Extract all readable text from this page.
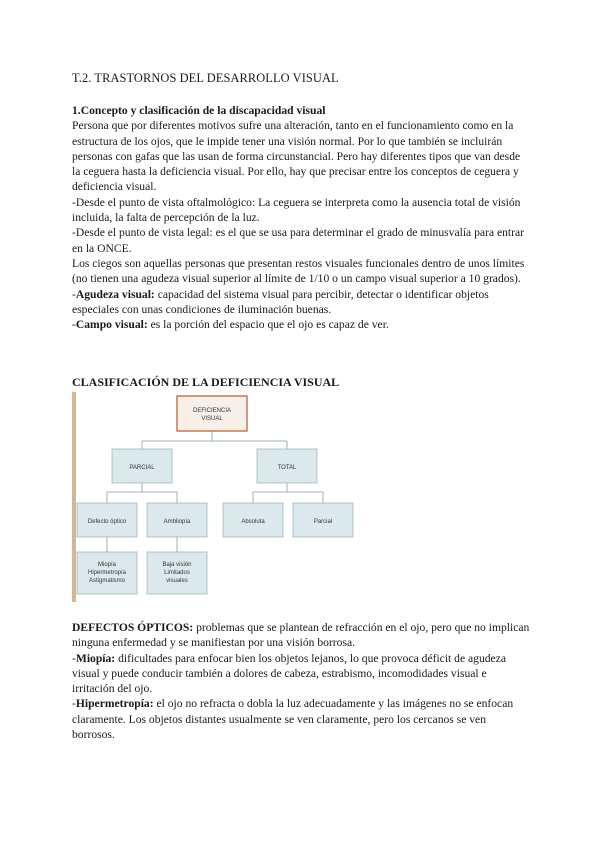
T.2. TRASTORNOS DEL DESARROLLO VISUAL

1.Concepto y clasificación de la discapacidad visual

Persona que por diferentes motivos sufre una alteración, tanto en el funcionamiento como en la estructura de los ojos, que le impide tener una visión normal. Por lo que también se incluirán personas con gafas que las usan de forma circunstancial. Pero hay diferentes tipos que van desde la ceguera hasta la deficiencia visual. Por ello, hay que precisar entre los conceptos de ceguera y deficiencia visual.

-Desde el punto de vista oftalmológico: La ceguera se interpreta como la ausencia total de visión incluida, la falta de percepción de la luz.

-Desde el punto de vista legal: es el que se usa para determinar el grado de minusvalía para entrar en la ONCE.

Los ciegos son aquellas personas que presentan restos visuales funcionales dentro de unos límites (no tienen una agudeza visual superior al límite de 1/10 o un campo visual superior a 10 grados).

-Agudeza visual: capacidad del sistema visual para percibir, detectar o identificar objetos especiales con unas condiciones de iluminación buenas.

-Campo visual: es la porción del espacio que el ojo es capaz de ver.

CLASIFICACIÓN DE LA DEFICIENCIA VISUAL
DEFICIENCIA
VISUAL
PARCIAL	TOTAL
Defecto óptico	Ambliopía	Absoluta	Parcial
Miopía
Hipermetropía
Astigmatismo
Baja visión
Limitados
visuales

DEFECTOS ÓPTICOS: problemas que se plantean de refracción en el ojo, pero que no implican ninguna enfermedad y se manifiestan por una visión borrosa.

-Miopía: dificultades para enfocar bien los objetos lejanos, lo que provoca déficit de agudeza visual y puede conducir también a dolores de cabeza, estrabismo, incomodidades visual e irritación del ojo.

-Hipermetropía: el ojo no refracta o dobla la luz adecuadamente y las imágenes no se enfocan claramente. Los objetos distantes usualmente se ven claramente, pero los cercanos se ven borrosos.
